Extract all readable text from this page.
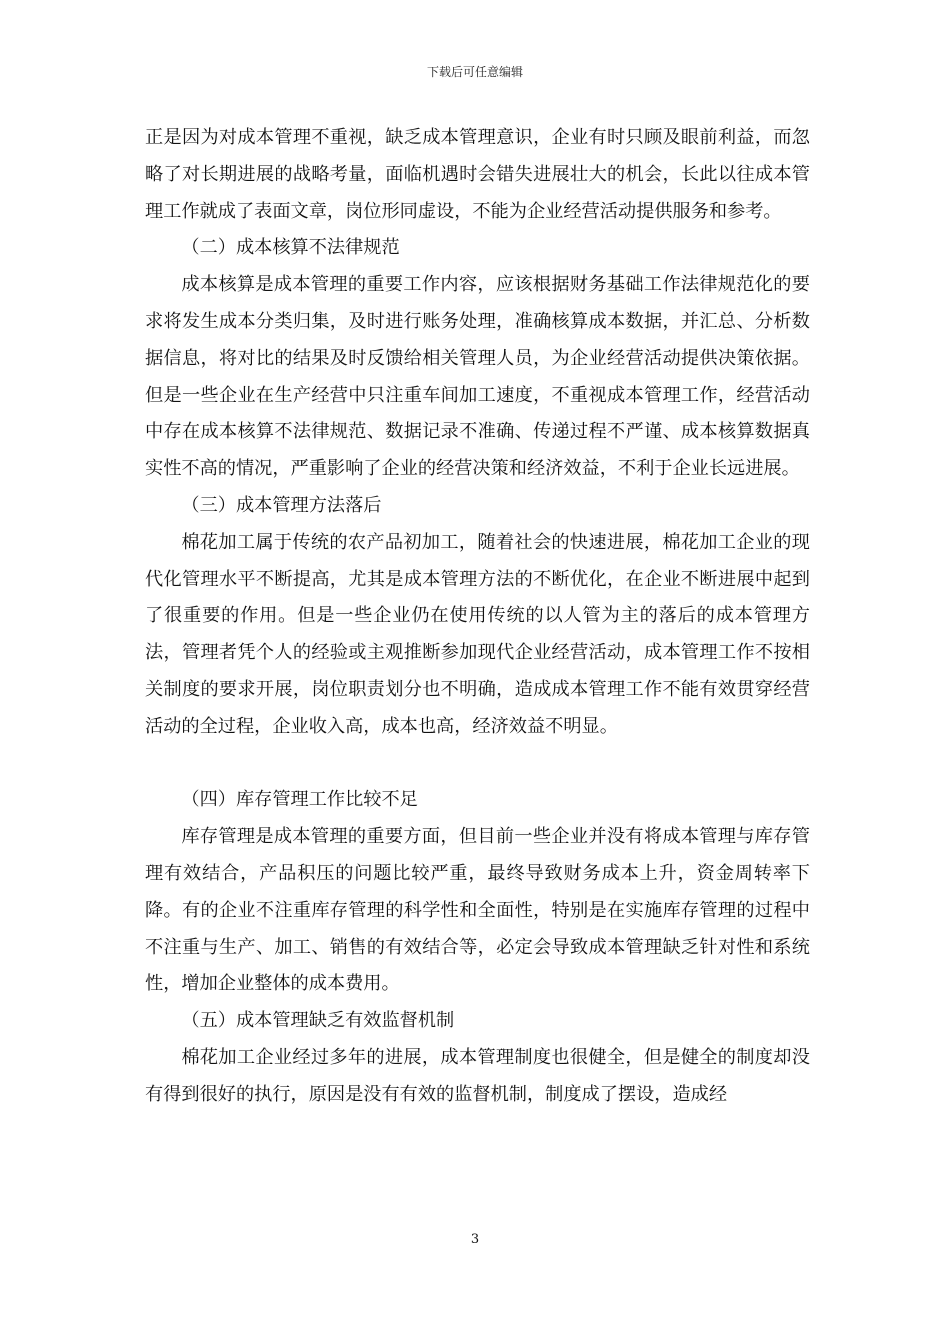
下载后可任意编辑

正是因为对成本管理不重视，缺乏成本管理意识，企业有时只顾及眼前利益，而忽略了对长期进展的战略考量，面临机遇时会错失进展壮大的机会，长此以往成本管理工作就成了表面文章，岗位形同虚设，不能为企业经营活动提供服务和参考。

（二）成本核算不法律规范

成本核算是成本管理的重要工作内容，应该根据财务基础工作法律规范化的要求将发生成本分类归集，及时进行账务处理，准确核算成本数据，并汇总、分析数据信息，将对比的结果及时反馈给相关管理人员，为企业经营活动提供决策依据。但是一些企业在生产经营中只注重车间加工速度，不重视成本管理工作，经营活动中存在成本核算不法律规范、数据记录不准确、传递过程不严谨、成本核算数据真实性不高的情况，严重影响了企业的经营决策和经济效益，不利于企业长远进展。

（三）成本管理方法落后

棉花加工属于传统的农产品初加工，随着社会的快速进展，棉花加工企业的现代化管理水平不断提高，尤其是成本管理方法的不断优化，在企业不断进展中起到了很重要的作用。但是一些企业仍在使用传统的以人管为主的落后的成本管理方法，管理者凭个人的经验或主观推断参加现代企业经营活动，成本管理工作不按相关制度的要求开展，岗位职责划分也不明确，造成成本管理工作不能有效贯穿经营活动的全过程，企业收入高，成本也高，经济效益不明显。

（四）库存管理工作比较不足

库存管理是成本管理的重要方面，但目前一些企业并没有将成本管理与库存管理有效结合，产品积压的问题比较严重，最终导致财务成本上升，资金周转率下降。有的企业不注重库存管理的科学性和全面性，特别是在实施库存管理的过程中不注重与生产、加工、销售的有效结合等，必定会导致成本管理缺乏针对性和系统性，增加企业整体的成本费用。

（五）成本管理缺乏有效监督机制

棉花加工企业经过多年的进展，成本管理制度也很健全，但是健全的制度却没有得到很好的执行，原因是没有有效的监督机制，制度成了摆设，造成经

3
